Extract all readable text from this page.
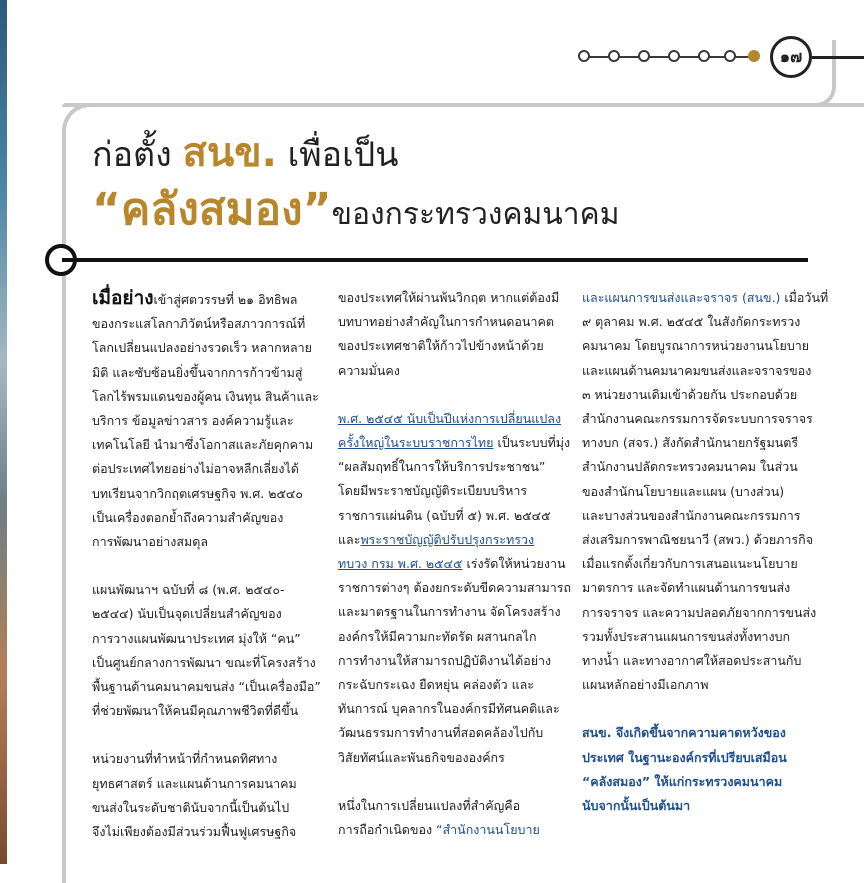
๑๗
ก่อตั้ง สนข. เพื่อเป็น
“คลังสมอง”ของกระทรวงคมนาคม

เมื่อย่างเข้าสู่ศตวรรษที่ ๒๑ อิทธิพล
ของกระแสโลกาภิวัตน์หรือสภาวการณ์ที่
โลกเปลี่ยนแปลงอย่างรวดเร็ว หลากหลาย
มิติ และซับซ้อนยิ่งขึ้นจากการก้าวข้ามสู่
โลกไร้พรมแดนของผู้คน เงินทุน สินค้าและ
บริการ ข้อมูลข่าวสาร องค์ความรู้และ
เทคโนโลยี นำมาซึ่งโอกาสและภัยคุกคาม
ต่อประเทศไทยอย่างไม่อาจหลีกเลี่ยงได้
บทเรียนจากวิกฤตเศรษฐกิจ พ.ศ. ๒๕๔๐
เป็นเครื่องตอกย้ำถึงความสำคัญของ
การพัฒนาอย่างสมดุล

แผนพัฒนาฯ ฉบับที่ ๘ (พ.ศ. ๒๕๔๐-
๒๕๔๔) นับเป็นจุดเปลี่ยนสำคัญของ
การวางแผนพัฒนาประเทศ มุ่งให้ “คน”
เป็นศูนย์กลางการพัฒนา ขณะที่โครงสร้าง
พื้นฐานด้านคมนาคมขนส่ง “เป็นเครื่องมือ”
ที่ช่วยพัฒนาให้คนมีคุณภาพชีวิตที่ดีขึ้น

หน่วยงานที่ทำหน้าที่กำหนดทิศทาง
ยุทธศาสตร์ และแผนด้านการคมนาคม
ขนส่งในระดับชาตินับจากนี้เป็นต้นไป
จึงไม่เพียงต้องมีส่วนร่วมฟื้นฟูเศรษฐกิจ

ของประเทศให้ผ่านพ้นวิกฤต หากแต่ต้องมี
บทบาทอย่างสำคัญในการกำหนดอนาคต
ของประเทศชาติให้ก้าวไปข้างหน้าด้วย
ความมั่นคง

พ.ศ. ๒๕๔๕ นับเป็นปีแห่งการเปลี่ยนแปลง
ครั้งใหญ่ในระบบราชการไทย เป็นระบบที่มุ่ง
“ผลสัมฤทธิ์ในการให้บริการประชาชน”
โดยมีพระราชบัญญัติระเบียบบริหาร
ราชการแผ่นดิน (ฉบับที่ ๕) พ.ศ. ๒๕๔๕
และพระราชบัญญัติปรับปรุงกระทรวง
ทบวง กรม พ.ศ. ๒๕๔๕ เร่งรัดให้หน่วยงาน
ราชการต่างๆ ต้องยกระดับขีดความสามารถ
และมาตรฐานในการทำงาน จัดโครงสร้าง
องค์กรให้มีความกะทัดรัด ผสานกลไก
การทำงานให้สามารถปฏิบัติงานได้อย่าง
กระฉับกระเฉง ยืดหยุ่น คล่องตัว และ
ทันการณ์ บุคลากรในองค์กรมีทัศนคติและ
วัฒนธรรมการทำงานที่สอดคล้องไปกับ
วิสัยทัศน์และพันธกิจขององค์กร

หนึ่งในการเปลี่ยนแปลงที่สำคัญคือ
การถือกำเนิดของ “สำนักงานนโยบาย

และแผนการขนส่งและจราจร (สนข.) เมื่อวันที่
๙ ตุลาคม พ.ศ. ๒๕๔๕ ในสังกัดกระทรวง
คมนาคม โดยบูรณาการหน่วยงานนโยบาย
และแผนด้านคมนาคมขนส่งและจราจรของ
๓ หน่วยงานเดิมเข้าด้วยกัน ประกอบด้วย
สำนักงานคณะกรรมการจัดระบบการจราจร
ทางบก (สจร.) สังกัดสำนักนายกรัฐมนตรี
สำนักงานปลัดกระทรวงคมนาคม ในส่วน
ของสำนักนโยบายและแผน (บางส่วน)
และบางส่วนของสำนักงานคณะกรรมการ
ส่งเสริมการพาณิชยนาวี (สพว.) ด้วยภารกิจ
เมื่อแรกตั้งเกี่ยวกับการเสนอแนะนโยบาย
มาตรการ และจัดทำแผนด้านการขนส่ง
การจราจร และความปลอดภัยจากการขนส่ง
รวมทั้งประสานแผนการขนส่งทั้งทางบก
ทางน้ำ และทางอากาศให้สอดประสานกับ
แผนหลักอย่างมีเอกภาพ

สนข. จึงเกิดขึ้นจากความคาดหวังของ
ประเทศ ในฐานะองค์กรที่เปรียบเสมือน
“คลังสมอง” ให้แก่กระทรวงคมนาคม
นับจากนั้นเป็นต้นมา
